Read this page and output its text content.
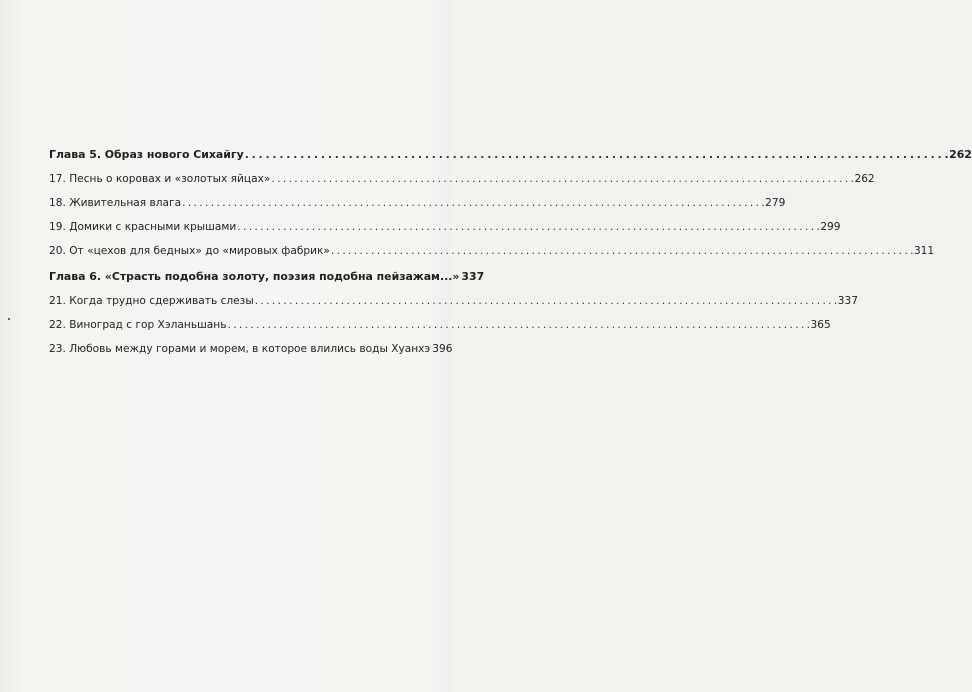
Глава 5. Образ нового Сихайгу . . .	262
17. Песнь о коровах и «золотых яйцах» . . .	262
18. Живительная влага . . .	279
19. Домики с красными крышами . . .	299
20. От «цехов для бедных» до «мировых фабрик» . . .	311
Глава 6. «Страсть подобна золоту, поэзия подобна пейзажам...» 337
21. Когда трудно сдерживать слезы . . .	337
22. Виноград с гор Хэланьшань . . .	365
23. Любовь между горами и морем, в которое влились воды Хуанхэ 396
